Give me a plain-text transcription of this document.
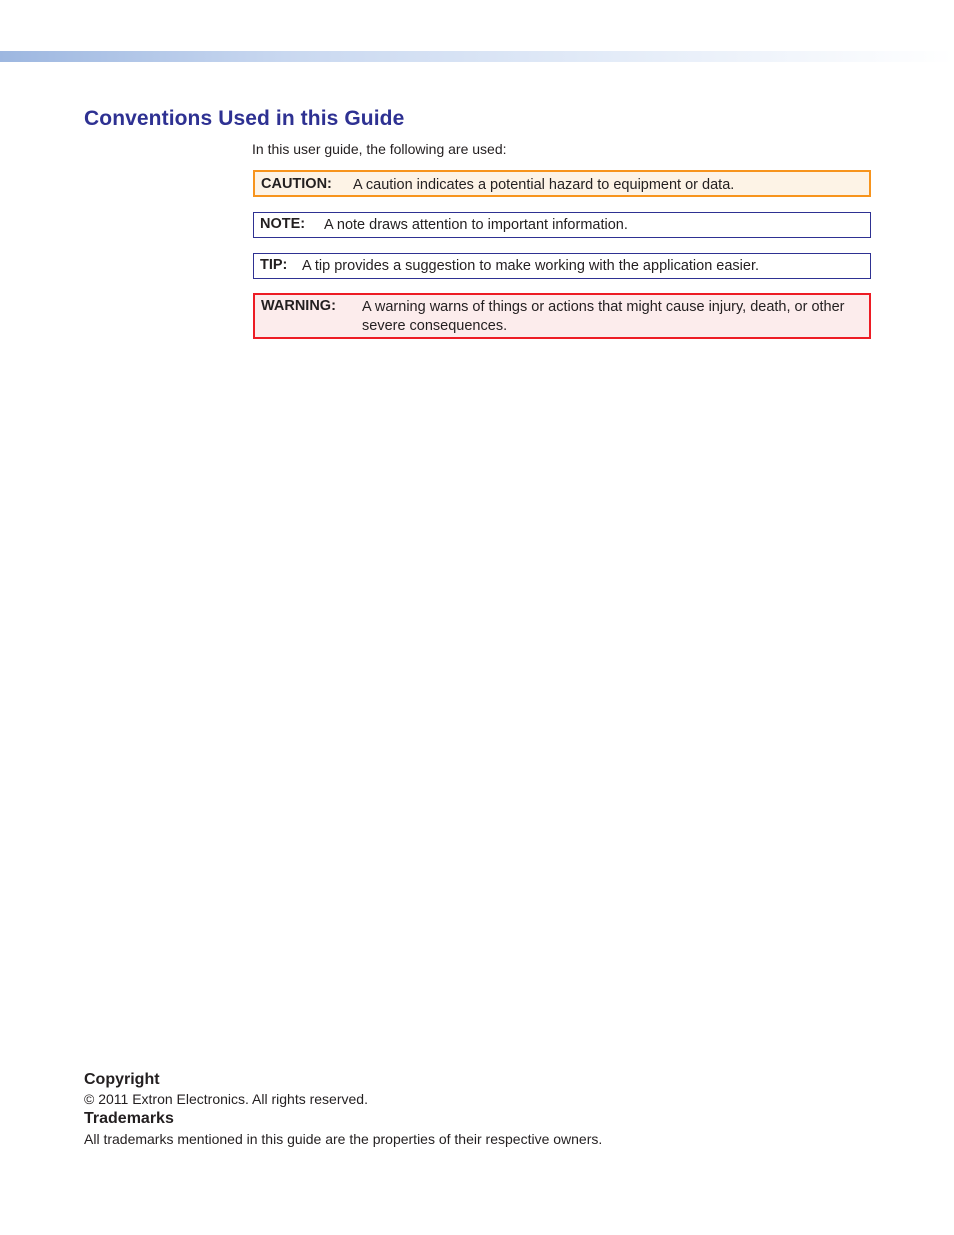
Conventions Used in this Guide
In this user guide, the following are used:
CAUTION:	A caution indicates a potential hazard to equipment or data.
NOTE:	A note draws attention to important information.
TIP:	A tip provides a suggestion to make working with the application easier.
WARNING:	A warning warns of things or actions that might cause injury, death, or other severe consequences.
Copyright
© 2011 Extron Electronics. All rights reserved.
Trademarks
All trademarks mentioned in this guide are the properties of their respective owners.
